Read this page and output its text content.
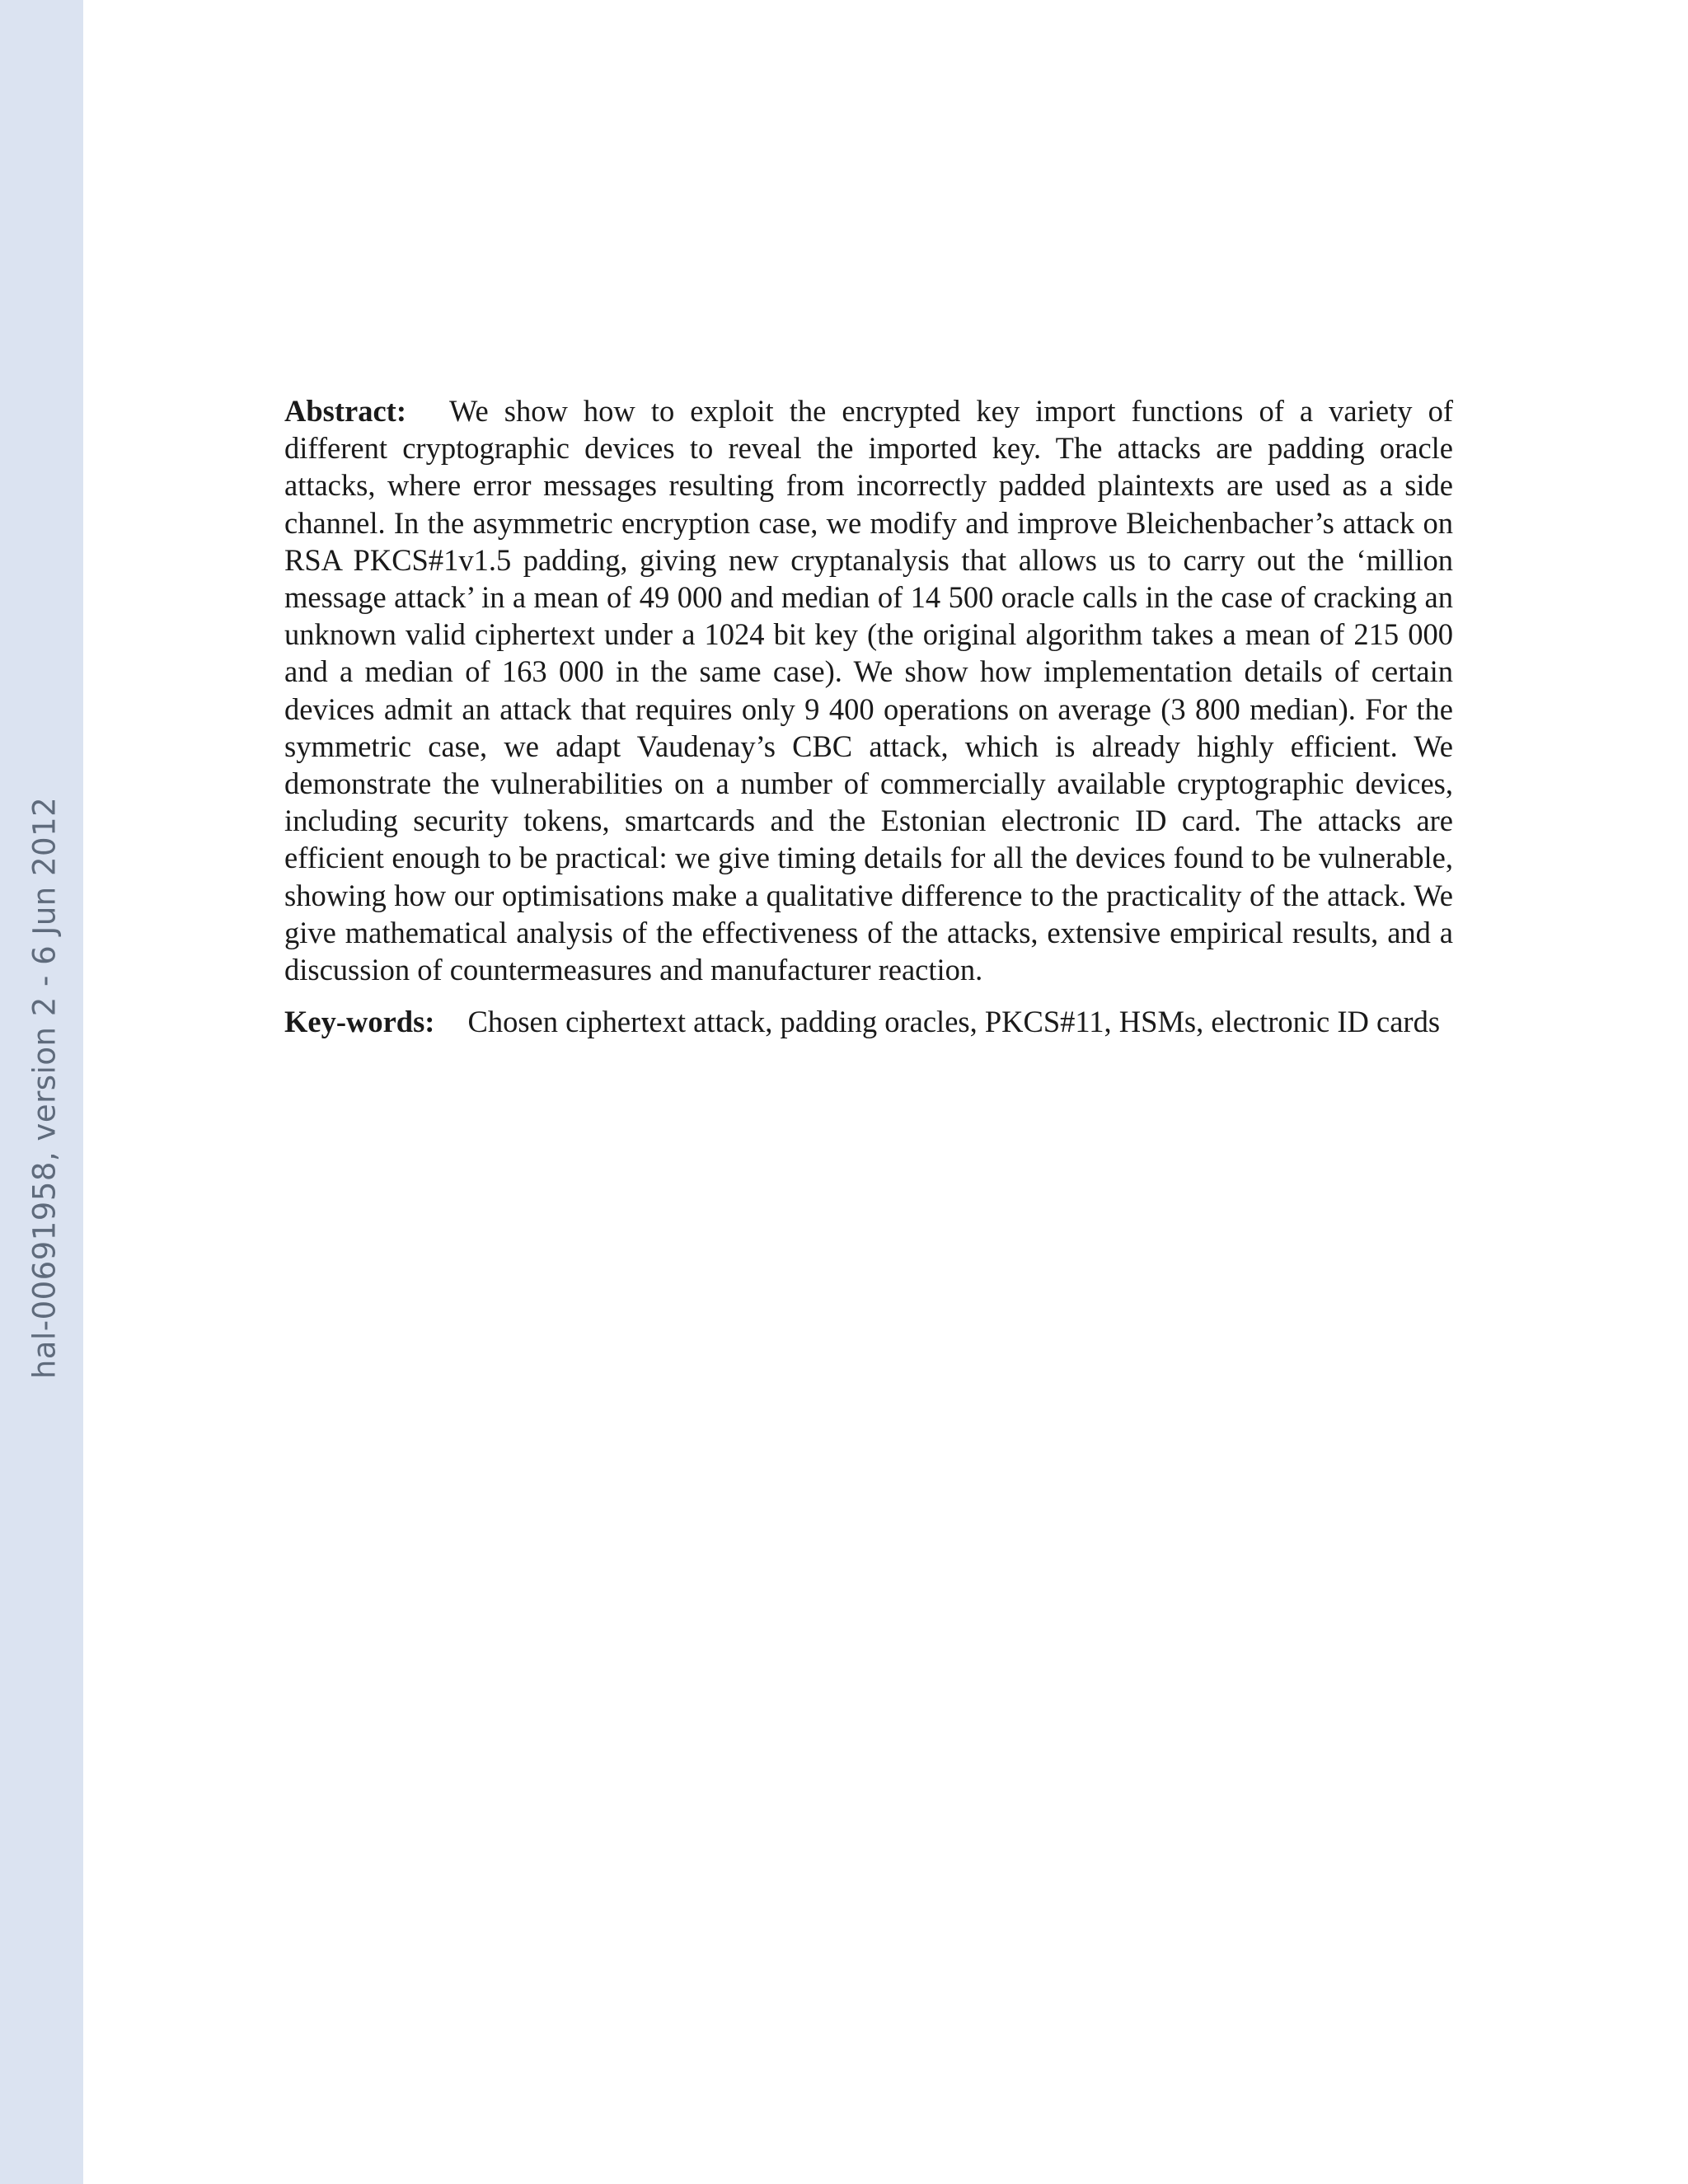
hal-00691958, version 2 - 6 Jun 2012

Abstract: We show how to exploit the encrypted key import functions of a variety of different cryptographic devices to reveal the imported key. The attacks are padding oracle attacks, where error messages resulting from incorrectly padded plaintexts are used as a side channel. In the asymmetric encryption case, we modify and improve Bleichenbacher’s attack on RSA PKCS#1v1.5 padding, giving new cryptanalysis that allows us to carry out the ‘million message attack’ in a mean of 49 000 and median of 14 500 oracle calls in the case of cracking an unknown valid ciphertext under a 1024 bit key (the original algorithm takes a mean of 215 000 and a median of 163 000 in the same case). We show how implementation details of certain devices admit an attack that requires only 9 400 operations on average (3 800 median). For the symmetric case, we adapt Vaudenay’s CBC attack, which is already highly efficient. We demonstrate the vulnerabilities on a number of commercially available cryptographic devices, including security tokens, smartcards and the Estonian electronic ID card. The attacks are efficient enough to be practical: we give timing details for all the devices found to be vulnerable, showing how our optimisations make a qualitative difference to the practicality of the attack. We give mathematical analysis of the effectiveness of the attacks, extensive empirical results, and a discussion of countermeasures and manufacturer reaction.

Key-words: Chosen ciphertext attack, padding oracles, PKCS#11, HSMs, electronic ID cards
